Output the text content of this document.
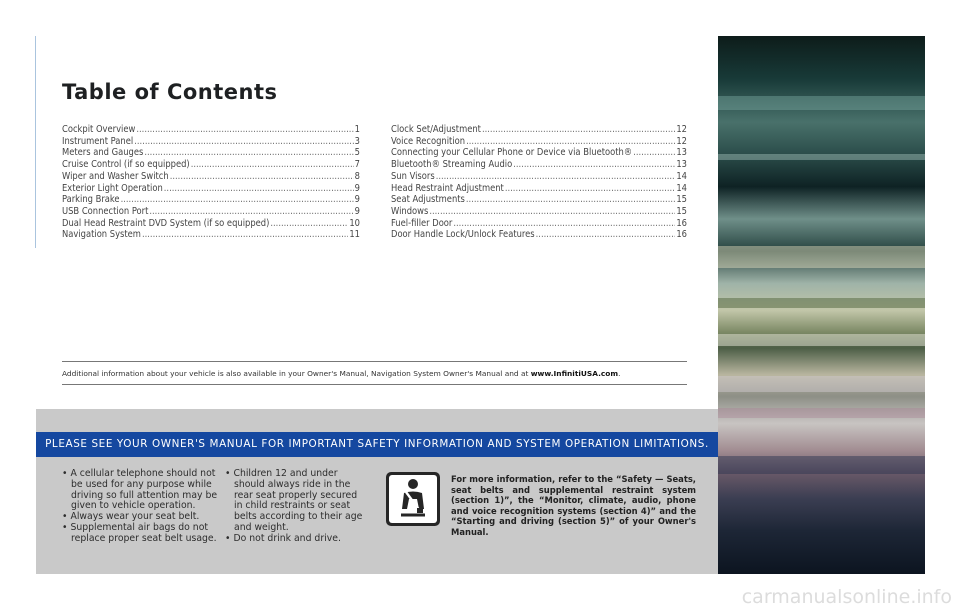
Table of Contents
Cockpit Overview .....	1
Instrument Panel .....	3
Meters and Gauges .....	5
Cruise Control (if so equipped) .....	7
Wiper and Washer Switch .....	8
Exterior Light Operation .....	9
Parking Brake .....	9
USB Connection Port .....	9
Dual Head Restraint DVD System (if so equipped) .....	10
Navigation System .....	11
Clock Set/Adjustment .....	12
Voice Recognition .....	12
Connecting your Cellular Phone or Device via Bluetooth® .....	13
Bluetooth® Streaming Audio .....	13
Sun Visors .....	14
Head Restraint Adjustment .....	14
Seat Adjustments .....	15
Windows .....	15
Fuel-filler Door .....	16
Door Handle Lock/Unlock Features .....	16
Additional information about your vehicle is also available in your Owner's Manual, Navigation System Owner's Manual and at www.InfinitiUSA.com.
PLEASE SEE YOUR OWNER'S MANUAL FOR IMPORTANT SAFETY INFORMATION AND SYSTEM OPERATION LIMITATIONS.
• A cellular telephone should not be used for any purpose while driving so full attention may be given to vehicle operation.
• Always wear your seat belt.
• Supplemental air bags do not replace proper seat belt usage.
• Children 12 and under should always ride in the rear seat properly secured in child restraints or seat belts according to their age and weight.
• Do not drink and drive.
For more information, refer to the “Safety — Seats, seat belts and supplemental restraint system (section 1)”, the “Monitor, climate, audio, phone and voice recognition systems (section 4)” and the “Starting and driving (section 5)” of your Owner's Manual.
carmanualsonline.info
